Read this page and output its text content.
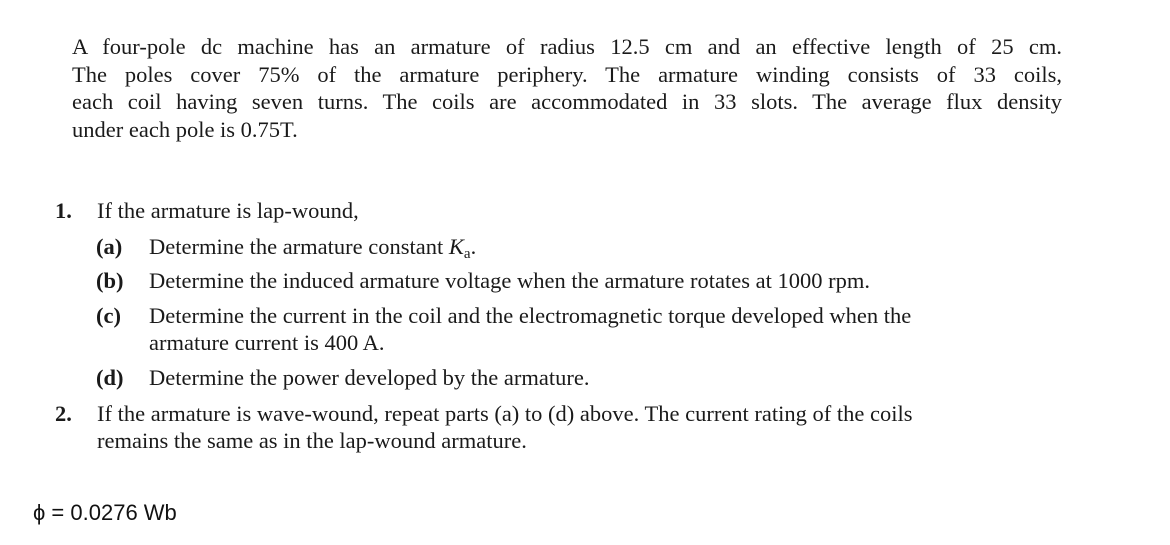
A four-pole dc machine has an armature of radius 12.5 cm and an effective length of 25 cm.
The poles cover 75% of the armature periphery. The armature winding consists of 33 coils,
each coil having seven turns. The coils are accommodated in 33 slots. The average flux density
under each pole is 0.75T.
1. If the armature is lap-wound,
(a) Determine the armature constant $K_a$.
(b) Determine the induced armature voltage when the armature rotates at 1000 rpm.
(c) Determine the current in the coil and the electromagnetic torque developed when the
armature current is 400 A.
(d) Determine the power developed by the armature.
2. If the armature is wave-wound, repeat parts (a) to (d) above. The current rating of the coils
remains the same as in the lap-wound armature.
ϕ = 0.0276 Wb
